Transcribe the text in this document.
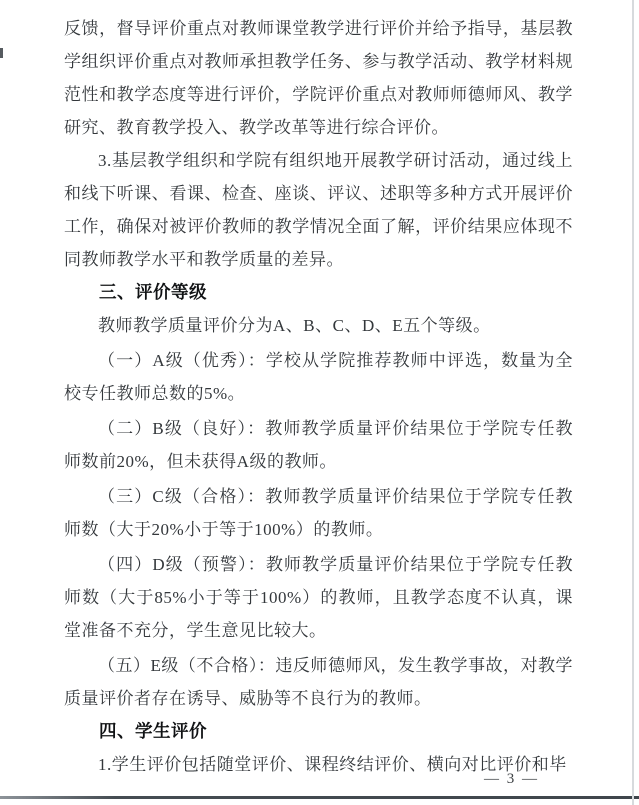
反馈，督导评价重点对教师课堂教学进行评价并给予指导，基层教学组织评价重点对教师承担教学任务、参与教学活动、教学材料规范性和教学态度等进行评价，学院评价重点对教师师德师风、教学研究、教育教学投入、教学改革等进行综合评价。

3.基层教学组织和学院有组织地开展教学研讨活动，通过线上和线下听课、看课、检查、座谈、评议、述职等多种方式开展评价工作，确保对被评价教师的教学情况全面了解，评价结果应体现不同教师教学水平和教学质量的差异。

三、评价等级

教师教学质量评价分为A、B、C、D、E五个等级。

（一）A级（优秀）：学校从学院推荐教师中评选，数量为全校专任教师总数的5%。

（二）B级（良好）：教师教学质量评价结果位于学院专任教师数前20%，但未获得A级的教师。

（三）C级（合格）：教师教学质量评价结果位于学院专任教师数（大于20%小于等于100%）的教师。

（四）D级（预警）：教师教学质量评价结果位于学院专任教师数（大于85%小于等于100%）的教师，且教学态度不认真，课堂准备不充分，学生意见比较大。

（五）E级（不合格）：违反师德师风，发生教学事故，对教学质量评价者存在诱导、威胁等不良行为的教师。

四、学生评价

1.学生评价包括随堂评价、课程终结评价、横向对比评价和毕

— 3 —
